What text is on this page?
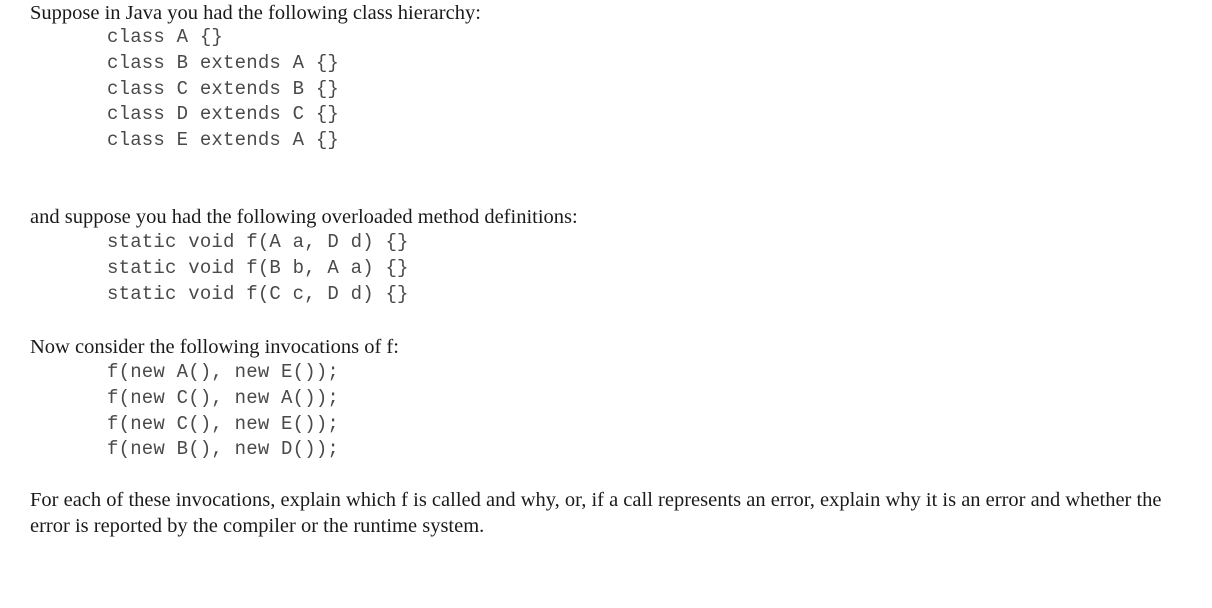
Suppose in Java you had the following class hierarchy:

class A {}
class B extends A {}
class C extends B {}
class D extends C {}
class E extends A {}

and suppose you had the following overloaded method definitions:

static void f(A a, D d) {}
static void f(B b, A a) {}
static void f(C c, D d) {}

Now consider the following invocations of f:

f(new A(), new E());
f(new C(), new A());
f(new C(), new E());
f(new B(), new D());

For each of these invocations, explain which f is called and why, or, if a call represents an error, explain why it is an error and whether the error is reported by the compiler or the runtime system.
